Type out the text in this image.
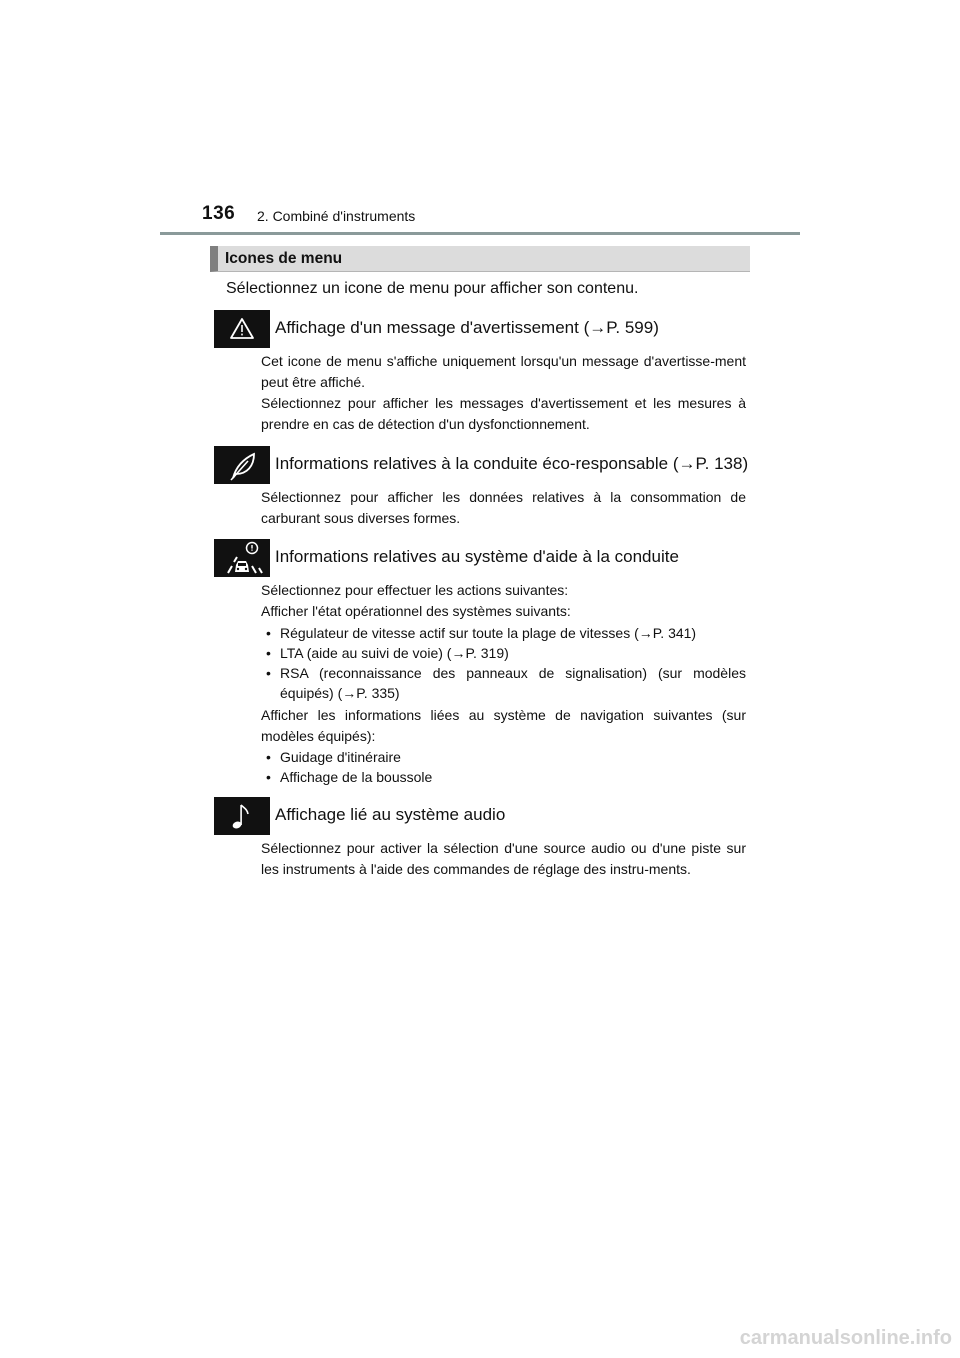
136 2. Combiné d'instruments
Icones de menu
Sélectionnez un icone de menu pour afficher son contenu.
Affichage d'un message d'avertissement (→P. 599)

Cet icone de menu s'affiche uniquement lorsqu'un message d'avertisse-ment peut être affiché.

Sélectionnez pour afficher les messages d'avertissement et les mesures à prendre en cas de détection d'un dysfonctionnement.

Informations relatives à la conduite éco-responsable (→P. 138)

Sélectionnez pour afficher les données relatives à la consommation de carburant sous diverses formes.

Informations relatives au système d'aide à la conduite

Sélectionnez pour effectuer les actions suivantes:

Afficher l'état opérationnel des systèmes suivants:

• Régulateur de vitesse actif sur toute la plage de vitesses (→P. 341)
• LTA (aide au suivi de voie) (→P. 319)
• RSA (reconnaissance des panneaux de signalisation) (sur modèles équipés) (→P. 335)

Afficher les informations liées au système de navigation suivantes (sur modèles équipés):

• Guidage d'itinéraire
• Affichage de la boussole
Affichage lié au système audio

Sélectionnez pour activer la sélection d'une source audio ou d'une piste sur les instruments à l'aide des commandes de réglage des instru-ments.

carmanualsonline.info
